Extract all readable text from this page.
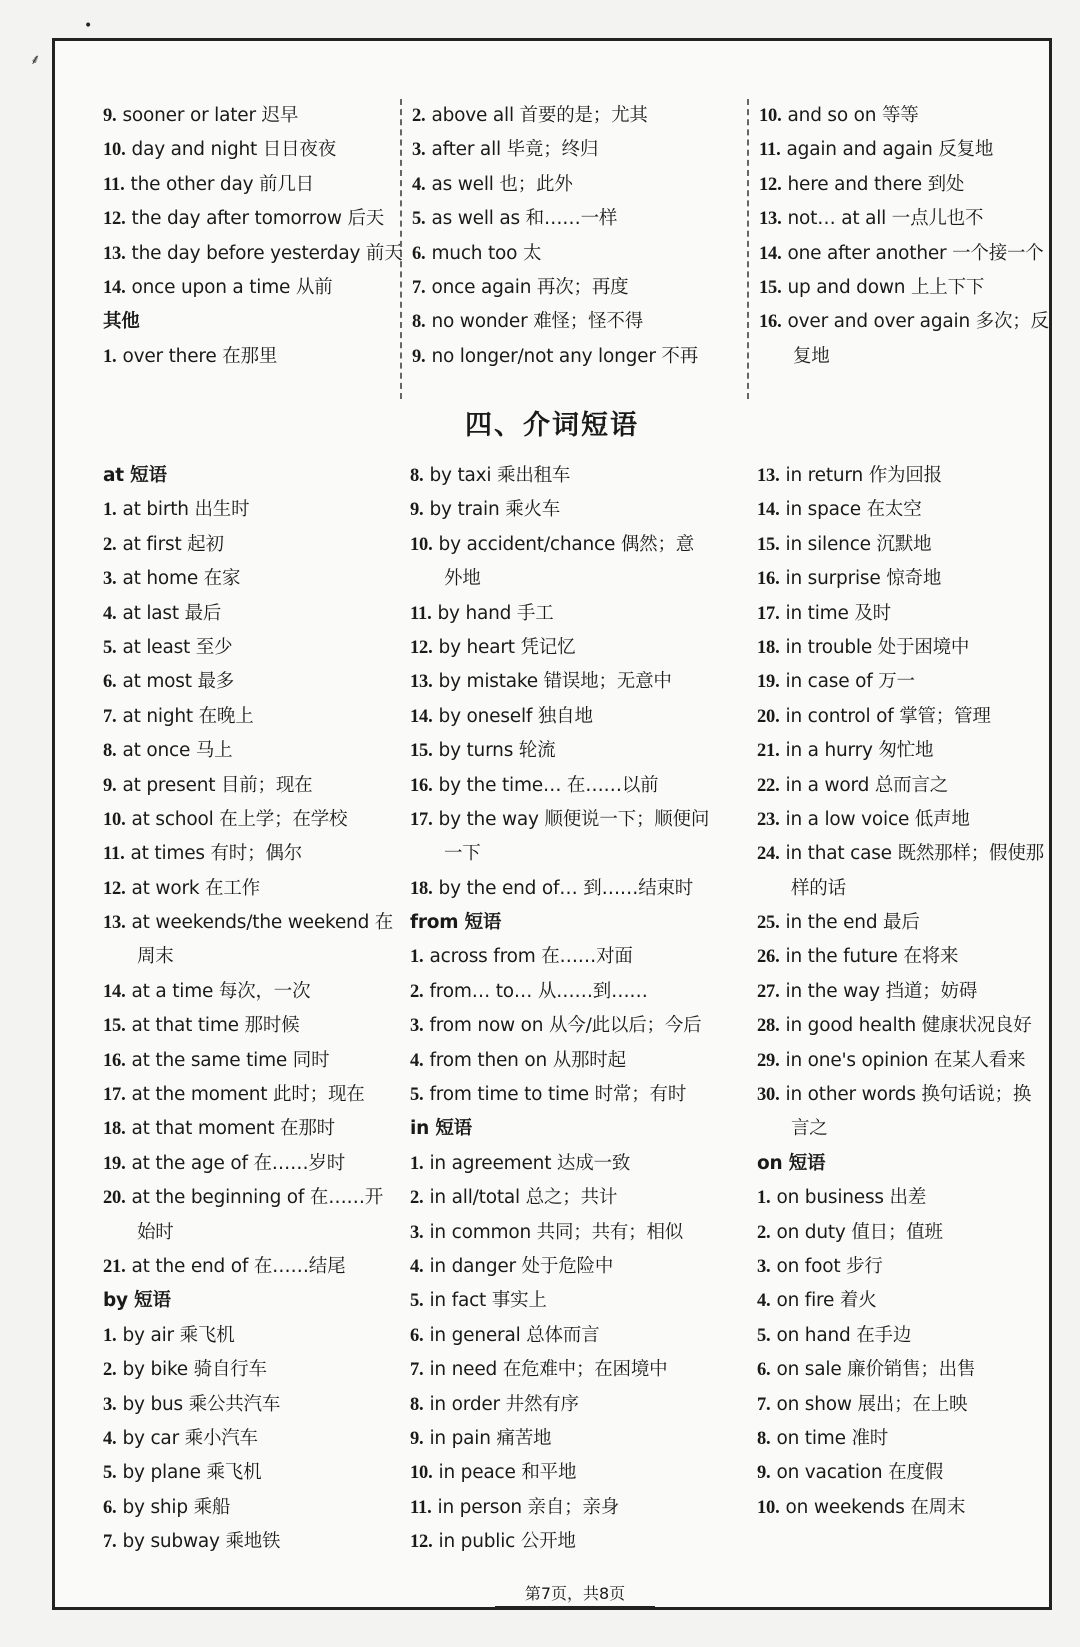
•
⸙
9. sooner or later 迟早
10. day and night 日日夜夜
11. the other day 前几日
12. the day after tomorrow 后天
13. the day before yesterday 前天
14. once upon a time 从前
其他
1. over there 在那里
2. above all 首要的是；尤其
3. after all 毕竟；终归
4. as well 也；此外
5. as well as 和……一样
6. much too 太
7. once again 再次；再度
8. no wonder 难怪；怪不得
9. no longer/not any longer 不再
10. and so on 等等
11. again and again 反复地
12. here and there 到处
13. not… at all 一点儿也不
14. one after another 一个接一个
15. up and down 上上下下
16. over and over again 多次；反
复地
四、介词短语
at 短语
1. at birth 出生时
2. at first 起初
3. at home 在家
4. at last 最后
5. at least 至少
6. at most 最多
7. at night 在晚上
8. at once 马上
9. at present 目前；现在
10. at school 在上学；在学校
11. at times 有时；偶尔
12. at work 在工作
13. at weekends/the weekend 在
周末
14. at a time 每次，一次
15. at that time 那时候
16. at the same time 同时
17. at the moment 此时；现在
18. at that moment 在那时
19. at the age of 在……岁时
20. at the beginning of 在……开
始时
21. at the end of 在……结尾
by 短语
1. by air 乘飞机
2. by bike 骑自行车
3. by bus 乘公共汽车
4. by car 乘小汽车
5. by plane 乘飞机
6. by ship 乘船
7. by subway 乘地铁
8. by taxi 乘出租车
9. by train 乘火车
10. by accident/chance 偶然；意
外地
11. by hand 手工
12. by heart 凭记忆
13. by mistake 错误地；无意中
14. by oneself 独自地
15. by turns 轮流
16. by the time… 在……以前
17. by the way 顺便说一下；顺便问
一下
18. by the end of… 到……结束时
from 短语
1. across from 在……对面
2. from… to… 从……到……
3. from now on 从今/此以后；今后
4. from then on 从那时起
5. from time to time 时常；有时
in 短语
1. in agreement 达成一致
2. in all/total 总之；共计
3. in common 共同；共有；相似
4. in danger 处于危险中
5. in fact 事实上
6. in general 总体而言
7. in need 在危难中；在困境中
8. in order 井然有序
9. in pain 痛苦地
10. in peace 和平地
11. in person 亲自；亲身
12. in public 公开地
13. in return 作为回报
14. in space 在太空
15. in silence 沉默地
16. in surprise 惊奇地
17. in time 及时
18. in trouble 处于困境中
19. in case of 万一
20. in control of 掌管；管理
21. in a hurry 匆忙地
22. in a word 总而言之
23. in a low voice 低声地
24. in that case 既然那样；假使那
样的话
25. in the end 最后
26. in the future 在将来
27. in the way 挡道；妨碍
28. in good health 健康状况良好
29. in one's opinion 在某人看来
30. in other words 换句话说；换
言之
on 短语
1. on business 出差
2. on duty 值日；值班
3. on foot 步行
4. on fire 着火
5. on hand 在手边
6. on sale 廉价销售；出售
7. on show 展出；在上映
8. on time 准时
9. on vacation 在度假
10. on weekends 在周末
第7页，共8页
